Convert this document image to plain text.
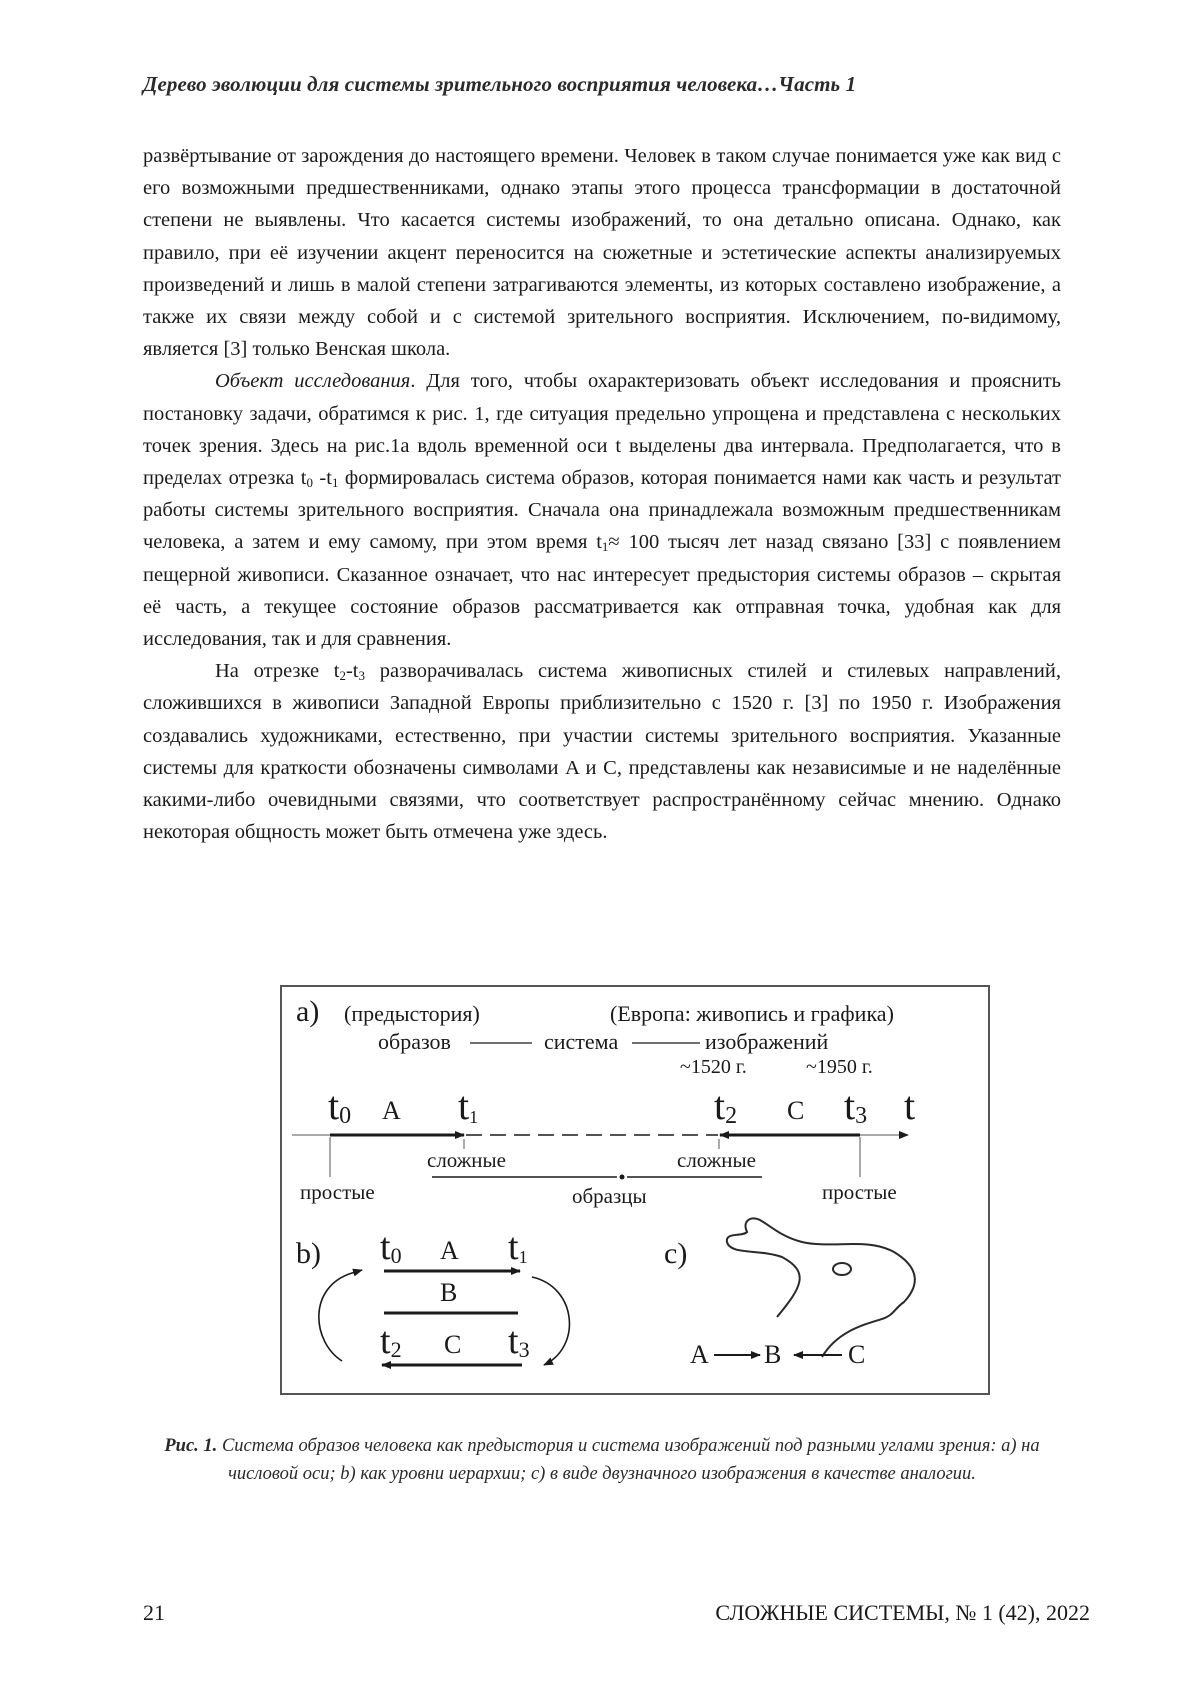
Дерево эволюции для системы зрительного восприятия человека…Часть 1

развёртывание от зарождения до настоящего времени. Человек в таком случае понимается уже как вид с его возможными предшественниками, однако этапы этого процесса трансформации в достаточной степени не выявлены. Что касается системы изображений, то она детально описана. Однако, как правило, при её изучении акцент переносится на сюжетные и эстетические аспекты анализируемых произведений и лишь в малой степени затрагиваются элементы, из которых составлено изображение, а также их связи между собой и с системой зрительного восприятия. Исключением, по-видимому, является [3] только Венская школа.

Объект исследования. Для того, чтобы охарактеризовать объект исследования и прояснить постановку задачи, обратимся к рис. 1, где ситуация предельно упрощена и представлена с нескольких точек зрения. Здесь на рис.1a вдоль временной оси t выделены два интервала. Предполагается, что в пределах отрезка $t_0$ $-t_1$ формировалась система образов, которая понимается нами как часть и результат работы системы зрительного восприятия. Сначала она принадлежала возможным предшественникам человека, а затем и ему самому, при этом время $t_1\approx 100$ тысяч лет назад связано [33] с появлением пещерной живописи. Сказанное означает, что нас интересует предыстория системы образов – скрытая её часть, а текущее состояние образов рассматривается как отправная точка, удобная как для исследования, так и для сравнения.

На отрезке $t_2-t_3$ разворачивалась система живописных стилей и стилевых направлений, сложившихся в живописи Западной Европы приблизительно с 1520 г. [3] по 1950 г. Изображения создавались художниками, естественно, при участии системы зрительного восприятия. Указанные системы для краткости обозначены символами A и C, представлены как независимые и не наделённые какими-либо очевидными связями, что соответствует распространённому сейчас мнению. Однако некоторая общность может быть отмечена уже здесь.

a) (предыстория)	(Европа: живопись и графика)
образов	система	изображений
~1520 г.	~1950 г.
t0 A t1	t2 C t3 t
сложные	сложные
простые	образцы	простые
b) t0 A t1
B
t2 C t3
c)
A B	C
Рис. 1. Система образов человека как предыстория и система изображений под разными углами зрения: a) на числовой оси; b) как уровни иерархии; c) в виде двузначного изображения в качестве аналогии.
21	СЛОЖНЫЕ СИСТЕМЫ, № 1 (42), 2022
